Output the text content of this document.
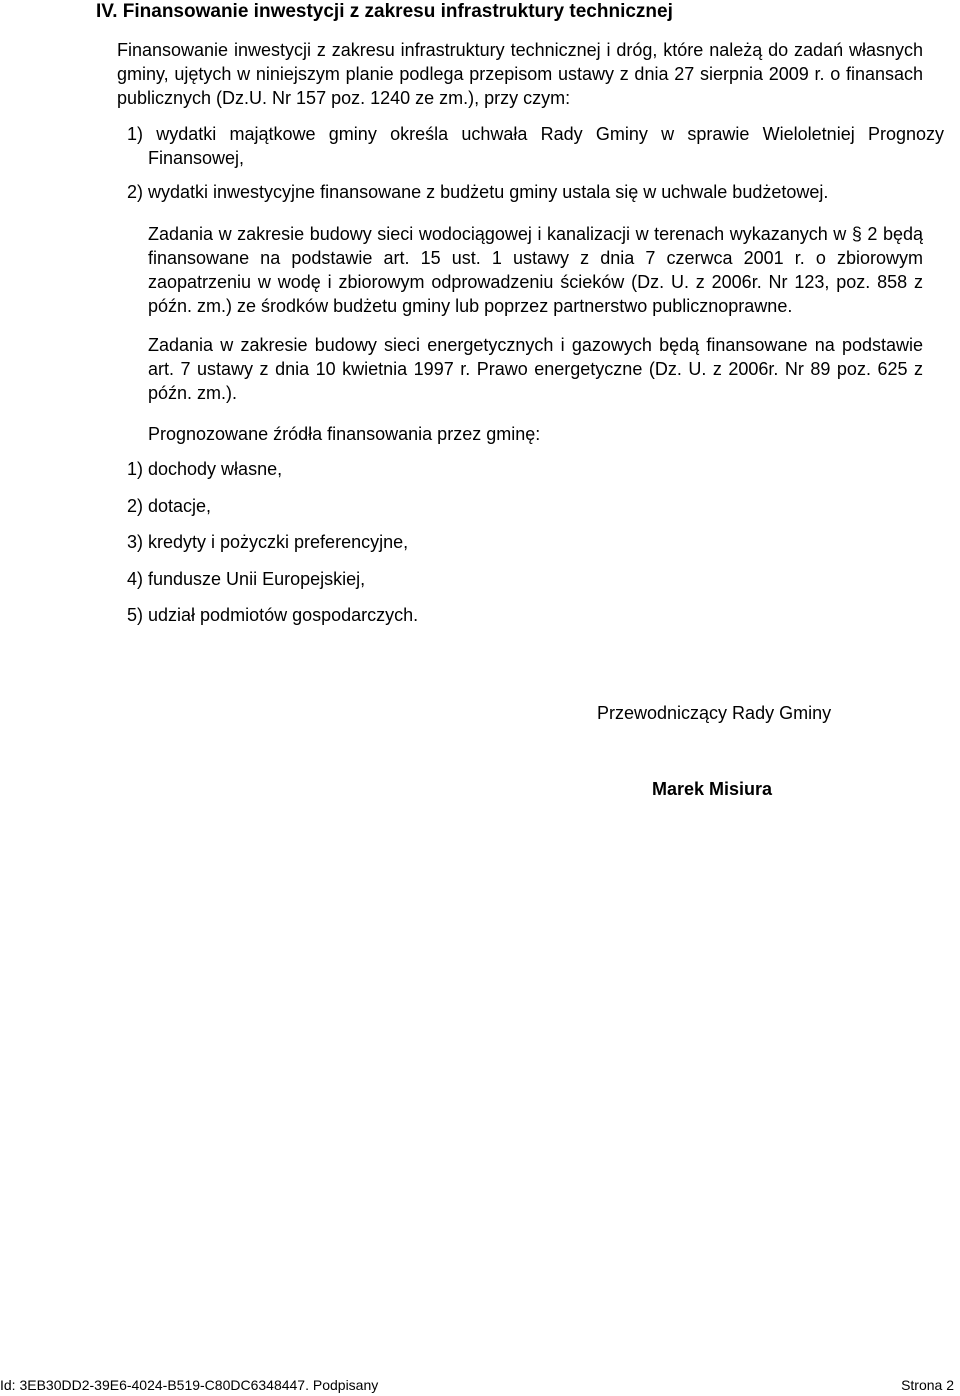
IV. Finansowanie inwestycji z zakresu infrastruktury technicznej

Finansowanie inwestycji z zakresu infrastruktury technicznej i dróg, które należą do zadań własnych gminy, ujętych w niniejszym planie podlega przepisom ustawy z dnia 27 sierpnia 2009 r. o finansach publicznych (Dz.U. Nr 157 poz. 1240 ze zm.), przy czym:

1) wydatki majątkowe gminy określa uchwała Rady Gminy w sprawie Wieloletniej Prognozy Finansowej,

2) wydatki inwestycyjne finansowane z budżetu gminy ustala się w uchwale budżetowej.

Zadania w zakresie budowy sieci wodociągowej i kanalizacji w terenach wykazanych w § 2 będą finansowane na podstawie art. 15 ust. 1 ustawy z dnia 7 czerwca 2001 r. o zbiorowym zaopatrzeniu w wodę i zbiorowym odprowadzeniu ścieków (Dz. U. z 2006r. Nr 123, poz. 858 z późn. zm.) ze środków budżetu gminy lub poprzez partnerstwo publicznoprawne.

Zadania w zakresie budowy sieci energetycznych i gazowych będą finansowane na podstawie art. 7 ustawy z dnia 10 kwietnia 1997 r. Prawo energetyczne (Dz. U. z 2006r. Nr 89 poz. 625 z późn. zm.).

Prognozowane źródła finansowania przez gminę:

1) dochody własne,

2) dotacje,

3) kredyty i pożyczki preferencyjne,

4) fundusze Unii Europejskiej,

5) udział podmiotów gospodarczych.

Przewodniczący Rady Gminy

Marek Misiura

Id: 3EB30DD2-39E6-4024-B519-C80DC6348447. Podpisany	Strona 2
